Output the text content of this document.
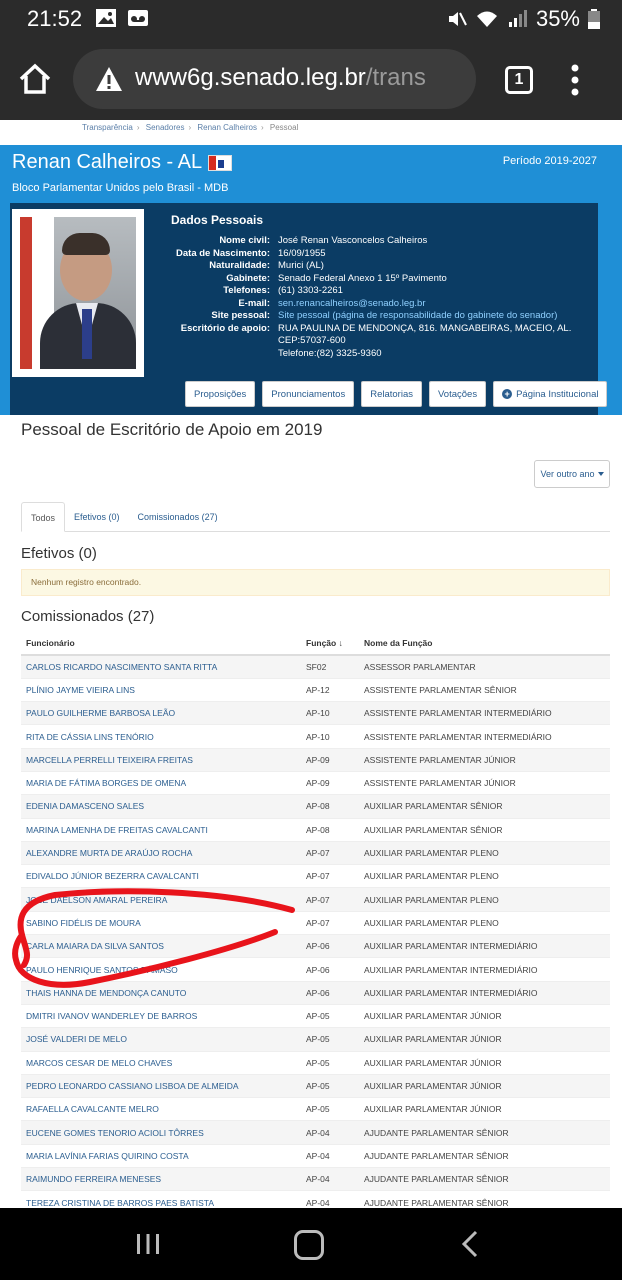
21:52	35%
www6g.senado.leg.br/trans	1
Transparência › Senadores › Renan Calheiros › Pessoal
Renan Calheiros - AL	Período 2019-2027
Bloco Parlamentar Unidos pelo Brasil - MDB
Dados Pessoais
Nome civil: José Renan Vasconcelos Calheiros
Data de Nascimento: 16/09/1955
Naturalidade: Murici (AL)
Gabinete: Senado Federal Anexo 1 15º Pavimento
Telefones: (61) 3303-2261
E-mail: sen.renancalheiros@senado.leg.br
Site pessoal: Site pessoal (página de responsabilidade do gabinete do senador)
Escritório de apoio: RUA PAULINA DE MENDONÇA, 816. MANGABEIRAS, MACEIO, AL.
CEP:57037-600
Telefone:(82) 3325-9360
Proposições	Pronunciamentos	Relatorias	Votações	+ Página Institucional
Pessoal de Escritório de Apoio em 2019
Ver outro ano
Todos	Efetivos (0)	Comissionados (27)
Efetivos (0)
Nenhum registro encontrado.
Comissionados (27)
Funcionário	Função ↓	Nome da Função
CARLOS RICARDO NASCIMENTO SANTA RITTA	SF02	ASSESSOR PARLAMENTAR
PLÍNIO JAYME VIEIRA LINS	AP-12	ASSISTENTE PARLAMENTAR SÊNIOR
PAULO GUILHERME BARBOSA LEÃO	AP-10	ASSISTENTE PARLAMENTAR INTERMEDIÁRIO
RITA DE CÁSSIA LINS TENÓRIO	AP-10	ASSISTENTE PARLAMENTAR INTERMEDIÁRIO
MARCELLA PERRELLI TEIXEIRA FREITAS	AP-09	ASSISTENTE PARLAMENTAR JÚNIOR
MARIA DE FÁTIMA BORGES DE OMENA	AP-09	ASSISTENTE PARLAMENTAR JÚNIOR
EDENIA DAMASCENO SALES	AP-08	AUXILIAR PARLAMENTAR SÊNIOR
MARINA LAMENHA DE FREITAS CAVALCANTI	AP-08	AUXILIAR PARLAMENTAR SÊNIOR
ALEXANDRE MURTA DE ARAÚJO ROCHA	AP-07	AUXILIAR PARLAMENTAR PLENO
EDIVALDO JÚNIOR BEZERRA CAVALCANTI	AP-07	AUXILIAR PARLAMENTAR PLENO
JOSÉ DAELSON AMARAL PEREIRA	AP-07	AUXILIAR PARLAMENTAR PLENO
SABINO FIDÉLIS DE MOURA	AP-07	AUXILIAR PARLAMENTAR PLENO
CARLA MAIARA DA SILVA SANTOS	AP-06	AUXILIAR PARLAMENTAR INTERMEDIÁRIO
PAULO HENRIQUE SANTOS DÂMASO	AP-06	AUXILIAR PARLAMENTAR INTERMEDIÁRIO
THAIS HANNA DE MENDONÇA CANUTO	AP-06	AUXILIAR PARLAMENTAR INTERMEDIÁRIO
DMITRI IVANOV WANDERLEY DE BARROS	AP-05	AUXILIAR PARLAMENTAR JÚNIOR
JOSÉ VALDERI DE MELO	AP-05	AUXILIAR PARLAMENTAR JÚNIOR
MARCOS CESAR DE MELO CHAVES	AP-05	AUXILIAR PARLAMENTAR JÚNIOR
PEDRO LEONARDO CASSIANO LISBOA DE ALMEIDA	AP-05	AUXILIAR PARLAMENTAR JÚNIOR
RAFAELLA CAVALCANTE MELRO	AP-05	AUXILIAR PARLAMENTAR JÚNIOR
EUCENE GOMES TENORIO ACIOLI TÔRRES	AP-04	AJUDANTE PARLAMENTAR SÊNIOR
MARIA LAVÍNIA FARIAS QUIRINO COSTA	AP-04	AJUDANTE PARLAMENTAR SÊNIOR
RAIMUNDO FERREIRA MENESES	AP-04	AJUDANTE PARLAMENTAR SÊNIOR
TEREZA CRISTINA DE BARROS PAES BATISTA	AP-04	AJUDANTE PARLAMENTAR SÊNIOR
